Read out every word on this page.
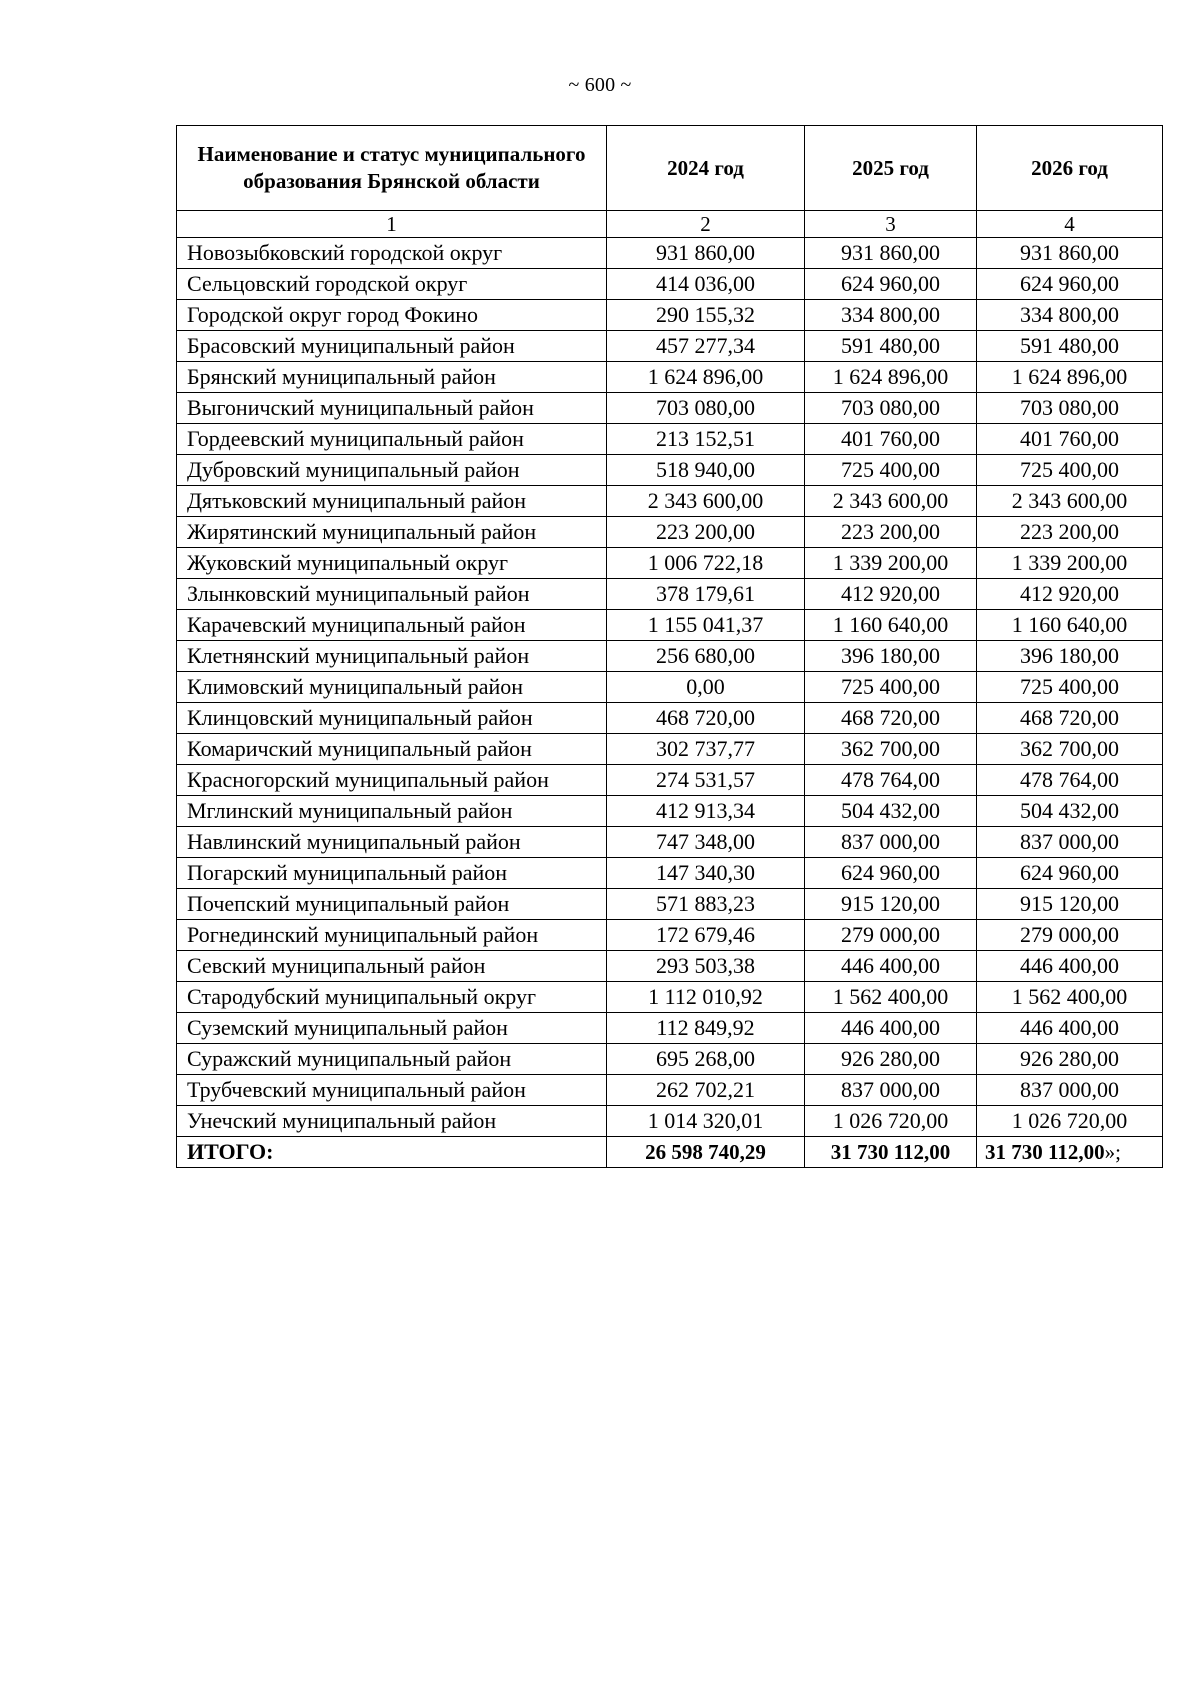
~ 600 ~
Наименование и статус муниципального образования Брянской области	2024 год	2025 год	2026 год
1	2	3	4
Новозыбковский городской округ	931 860,00	931 860,00	931 860,00
Сельцовский городской округ	414 036,00	624 960,00	624 960,00
Городской округ город Фокино	290 155,32	334 800,00	334 800,00
Брасовский муниципальный район	457 277,34	591 480,00	591 480,00
Брянский муниципальный район	1 624 896,00	1 624 896,00	1 624 896,00
Выгоничский муниципальный район	703 080,00	703 080,00	703 080,00
Гордеевский муниципальный район	213 152,51	401 760,00	401 760,00
Дубровский муниципальный район	518 940,00	725 400,00	725 400,00
Дятьковский муниципальный район	2 343 600,00	2 343 600,00	2 343 600,00
Жирятинский муниципальный район	223 200,00	223 200,00	223 200,00
Жуковский муниципальный округ	1 006 722,18	1 339 200,00	1 339 200,00
Злынковский муниципальный район	378 179,61	412 920,00	412 920,00
Карачевский муниципальный район	1 155 041,37	1 160 640,00	1 160 640,00
Клетнянский муниципальный район	256 680,00	396 180,00	396 180,00
Климовский муниципальный район	0,00	725 400,00	725 400,00
Клинцовский муниципальный район	468 720,00	468 720,00	468 720,00
Комаричский муниципальный район	302 737,77	362 700,00	362 700,00
Красногорский муниципальный район	274 531,57	478 764,00	478 764,00
Мглинский муниципальный район	412 913,34	504 432,00	504 432,00
Навлинский муниципальный район	747 348,00	837 000,00	837 000,00
Погарский муниципальный район	147 340,30	624 960,00	624 960,00
Почепский муниципальный район	571 883,23	915 120,00	915 120,00
Рогнединский муниципальный район	172 679,46	279 000,00	279 000,00
Севский муниципальный район	293 503,38	446 400,00	446 400,00
Стародубский муниципальный округ	1 112 010,92	1 562 400,00	1 562 400,00
Суземский муниципальный район	112 849,92	446 400,00	446 400,00
Суражский муниципальный район	695 268,00	926 280,00	926 280,00
Трубчевский муниципальный район	262 702,21	837 000,00	837 000,00
Унечский муниципальный район	1 014 320,01	1 026 720,00	1 026 720,00
ИТОГО:	26 598 740,29	31 730 112,00	31 730 112,00»;
